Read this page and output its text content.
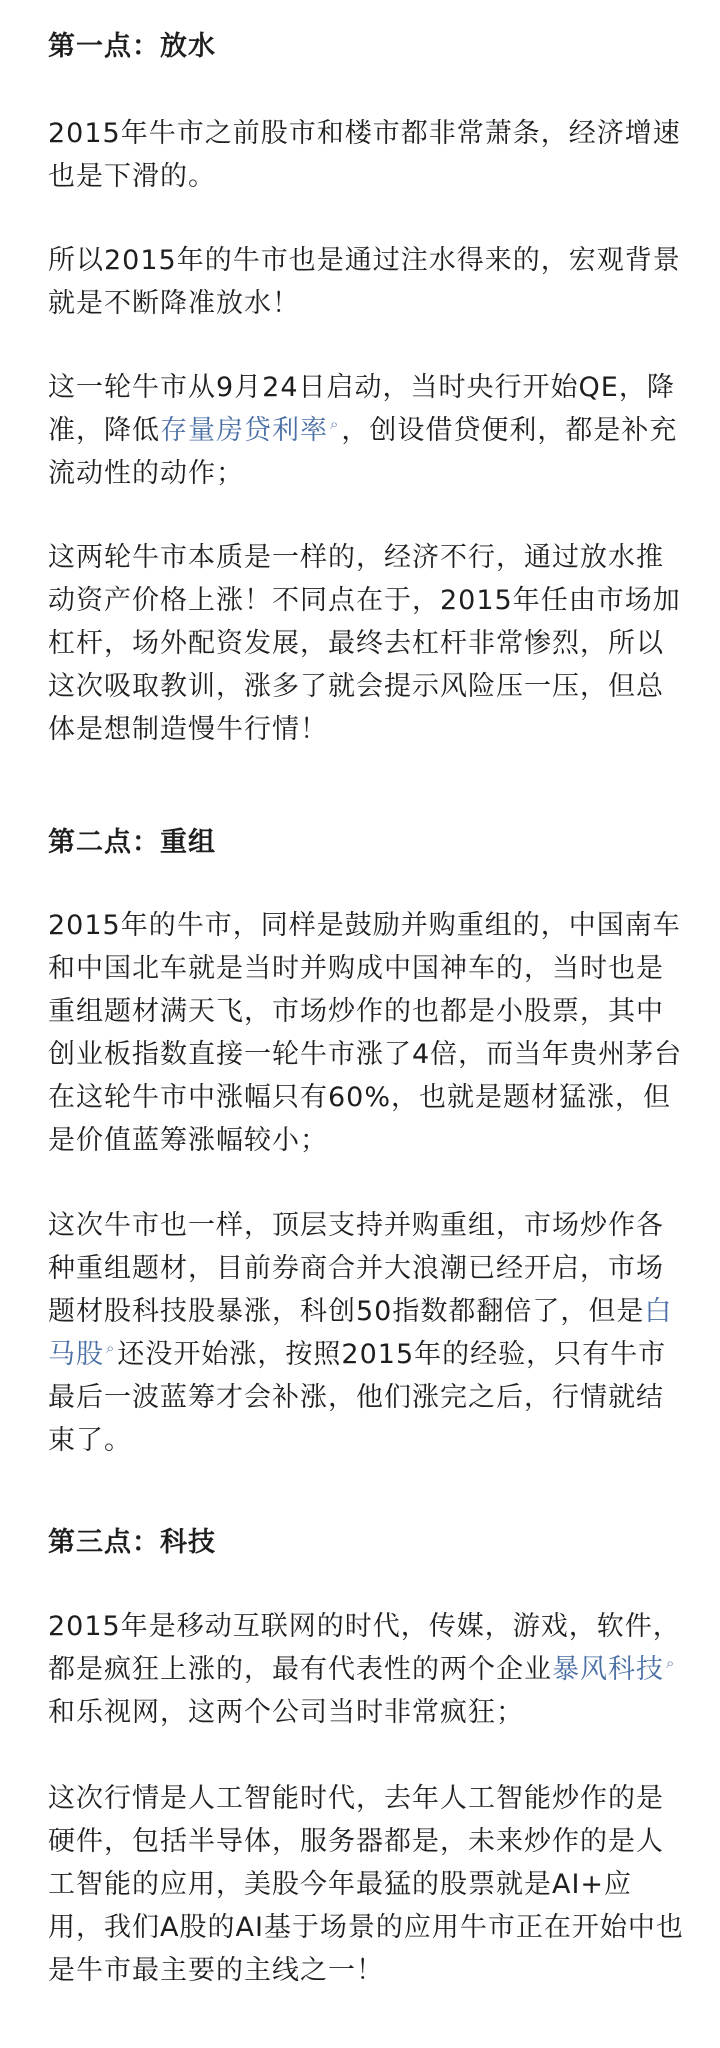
第一点：放水

2015年牛市之前股市和楼市都非常萧条，经济增速也是下滑的。

所以2015年的牛市也是通过注水得来的，宏观背景就是不断降准放水！

这一轮牛市从9月24日启动，当时央行开始QE，降准，降低存量房贷利率 ⌕，创设借贷便利，都是补充流动性的动作；

这两轮牛市本质是一样的，经济不行，通过放水推动资产价格上涨！不同点在于，2015年任由市场加杠杆，场外配资发展，最终去杠杆非常惨烈，所以这次吸取教训，涨多了就会提示风险压一压，但总体是想制造慢牛行情！

第二点：重组

2015年的牛市，同样是鼓励并购重组的，中国南车和中国北车就是当时并购成中国神车的，当时也是重组题材满天飞，市场炒作的也都是小股票，其中创业板指数直接一轮牛市涨了4倍，而当年贵州茅台在这轮牛市中涨幅只有60%，也就是题材猛涨，但是价值蓝筹涨幅较小；

这次牛市也一样，顶层支持并购重组，市场炒作各种重组题材，目前券商合并大浪潮已经开启，市场题材股科技股暴涨，科创50指数都翻倍了，但是白马股 ⌕还没开始涨，按照2015年的经验，只有牛市最后一波蓝筹才会补涨，他们涨完之后，行情就结束了。

第三点：科技

2015年是移动互联网的时代，传媒，游戏，软件，都是疯狂上涨的，最有代表性的两个企业暴风科技 ⌕和乐视网，这两个公司当时非常疯狂；

这次行情是人工智能时代，去年人工智能炒作的是硬件，包括半导体，服务器都是，未来炒作的是人工智能的应用，美股今年最猛的股票就是AI+应用，我们A股的AI基于场景的应用牛市正在开始中也是牛市最主要的主线之一！
